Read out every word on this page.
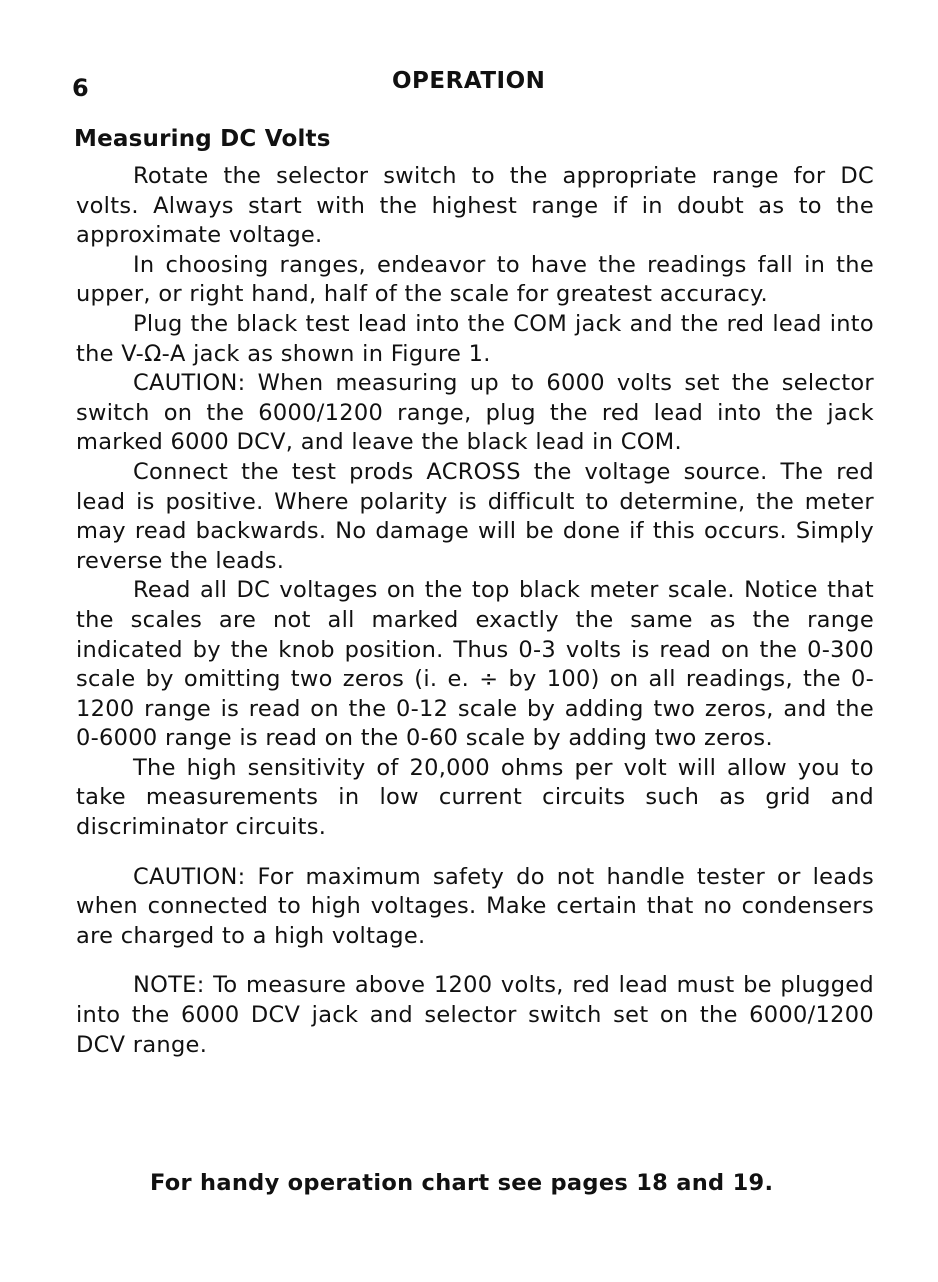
6	OPERATION
Measuring DC Volts

Rotate the selector switch to the appropriate range for DC volts. Always start with the highest range if in doubt as to the approximate voltage.

In choosing ranges, endeavor to have the readings fall in the upper, or right hand, half of the scale for greatest accuracy.

Plug the black test lead into the COM jack and the red lead into the V-Ω-A jack as shown in Figure 1.

CAUTION: When measuring up to 6000 volts set the selector switch on the 6000/1200 range, plug the red lead into the jack marked 6000 DCV, and leave the black lead in COM.

Connect the test prods ACROSS the voltage source. The red lead is positive. Where polarity is difficult to determine, the meter may read backwards. No damage will be done if this occurs. Simply reverse the leads.

Read all DC voltages on the top black meter scale. Notice that the scales are not all marked exactly the same as the range indicated by the knob position. Thus 0-3 volts is read on the 0-300 scale by omitting two zeros (i. e. ÷ by 100) on all readings, the 0-1200 range is read on the 0-12 scale by adding two zeros, and the 0-6000 range is read on the 0-60 scale by adding two zeros.

The high sensitivity of 20,000 ohms per volt will allow you to take measurements in low current circuits such as grid and discriminator circuits.

CAUTION: For maximum safety do not handle tester or leads when connected to high voltages. Make certain that no condensers are charged to a high voltage.

NOTE: To measure above 1200 volts, red lead must be plugged into the 6000 DCV jack and selector switch set on the 6000/1200 DCV range.

For handy operation chart see pages 18 and 19.
